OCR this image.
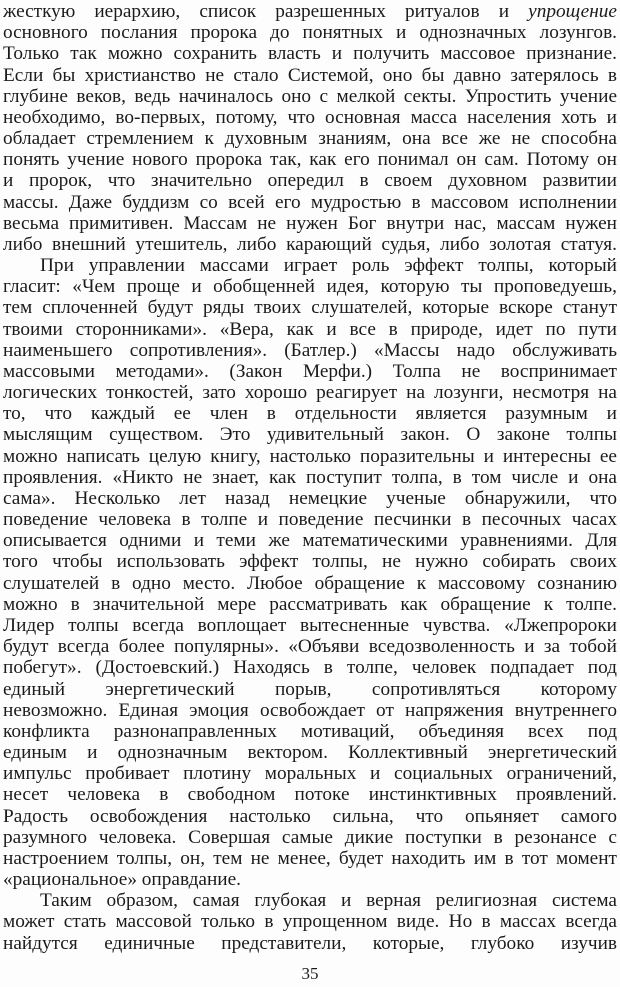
жесткую иерархию, список разрешенных ритуалов и упрощение
основного послания пророка до понятных и однозначных лозунгов.
Только так можно сохранить власть и получить массовое признание.
Если бы христианство не стало Системой, оно бы давно затерялось в
глубине веков, ведь начиналось оно с мелкой секты. Упростить учение
необходимо, во-первых, потому, что основная масса населения хоть и
обладает стремлением к духовным знаниям, она все же не способна
понять учение нового пророка так, как его понимал он сам. Потому он
и пророк, что значительно опередил в своем духовном развитии
массы. Даже буддизм со всей его мудростью в массовом исполнении
весьма примитивен. Массам не нужен Бог внутри нас, массам нужен
либо внешний утешитель, либо карающий судья, либо золотая статуя.
При управлении массами играет роль эффект толпы, который
гласит: «Чем проще и обобщенней идея, которую ты проповедуешь,
тем сплоченней будут ряды твоих слушателей, которые вскоре станут
твоими сторонниками». «Вера, как и все в природе, идет по пути
наименьшего сопротивления». (Батлер.) «Массы надо обслуживать
массовыми методами». (Закон Мерфи.) Толпа не воспринимает
логических тонкостей, зато хорошо реагирует на лозунги, несмотря на
то, что каждый ее член в отдельности является разумным и
мыслящим существом. Это удивительный закон. О законе толпы
можно написать целую книгу, настолько поразительны и интересны ее
проявления. «Никто не знает, как поступит толпа, в том числе и она
сама». Несколько лет назад немецкие ученые обнаружили, что
поведение человека в толпе и поведение песчинки в песочных часах
описывается одними и теми же математическими уравнениями. Для
того чтобы использовать эффект толпы, не нужно собирать своих
слушателей в одно место. Любое обращение к массовому сознанию
можно в значительной мере рассматривать как обращение к толпе.
Лидер толпы всегда воплощает вытесненные чувства. «Лжепророки
будут всегда более популярны». «Объяви вседозволенность и за тобой
побегут». (Достоевский.) Находясь в толпе, человек подпадает под
единый энергетический порыв, сопротивляться которому
невозможно. Единая эмоция освобождает от напряжения внутреннего
конфликта разнонаправленных мотиваций, объединяя всех под
единым и однозначным вектором. Коллективный энергетический
импульс пробивает плотину моральных и социальных ограничений,
несет человека в свободном потоке инстинктивных проявлений.
Радость освобождения настолько сильна, что опьяняет самого
разумного человека. Совершая самые дикие поступки в резонансе с
настроением толпы, он, тем не менее, будет находить им в тот момент
«рациональное» оправдание.
Таким образом, самая глубокая и верная религиозная система
может стать массовой только в упрощенном виде. Но в массах всегда
найдутся единичные представители, которые, глубоко изучив
35
